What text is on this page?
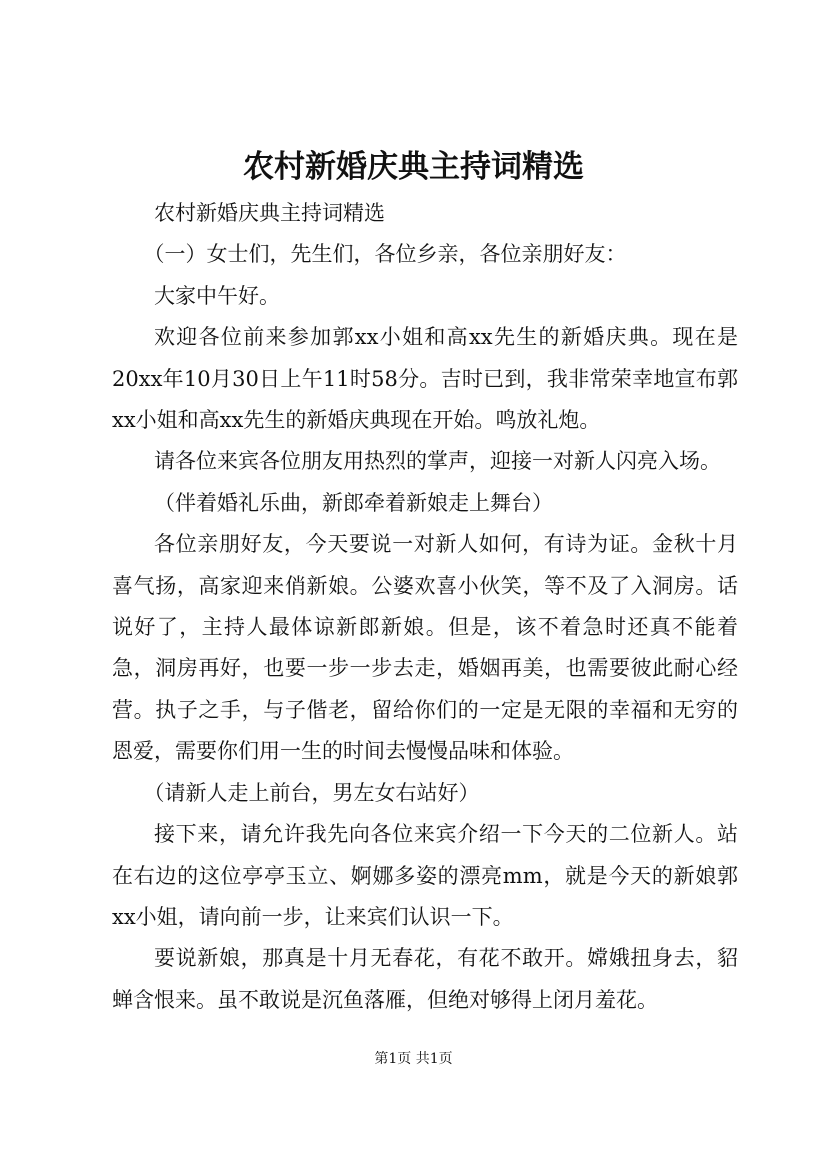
农村新婚庆典主持词精选

农村新婚庆典主持词精选

（一）女士们，先生们，各位乡亲，各位亲朋好友：

大家中午好。

欢迎各位前来参加郭xx小姐和高xx先生的新婚庆典。现在是20xx年10月30日上午11时58分。吉时已到，我非常荣幸地宣布郭xx小姐和高xx先生的新婚庆典现在开始。鸣放礼炮。

请各位来宾各位朋友用热烈的掌声，迎接一对新人闪亮入场。

（伴着婚礼乐曲，新郎牵着新娘走上舞台）

各位亲朋好友，今天要说一对新人如何，有诗为证。金秋十月喜气扬，高家迎来俏新娘。公婆欢喜小伙笑，等不及了入洞房。话说好了，主持人最体谅新郎新娘。但是，该不着急时还真不能着急，洞房再好，也要一步一步去走，婚姻再美，也需要彼此耐心经营。执子之手，与子偕老，留给你们的一定是无限的幸福和无穷的恩爱，需要你们用一生的时间去慢慢品味和体验。

（请新人走上前台，男左女右站好）

接下来，请允许我先向各位来宾介绍一下今天的二位新人。站在右边的这位亭亭玉立、婀娜多姿的漂亮mm，就是今天的新娘郭xx小姐，请向前一步，让来宾们认识一下。

要说新娘，那真是十月无春花，有花不敢开。嫦娥扭身去，貂蝉含恨来。虽不敢说是沉鱼落雁，但绝对够得上闭月羞花。

第1页 共1页
